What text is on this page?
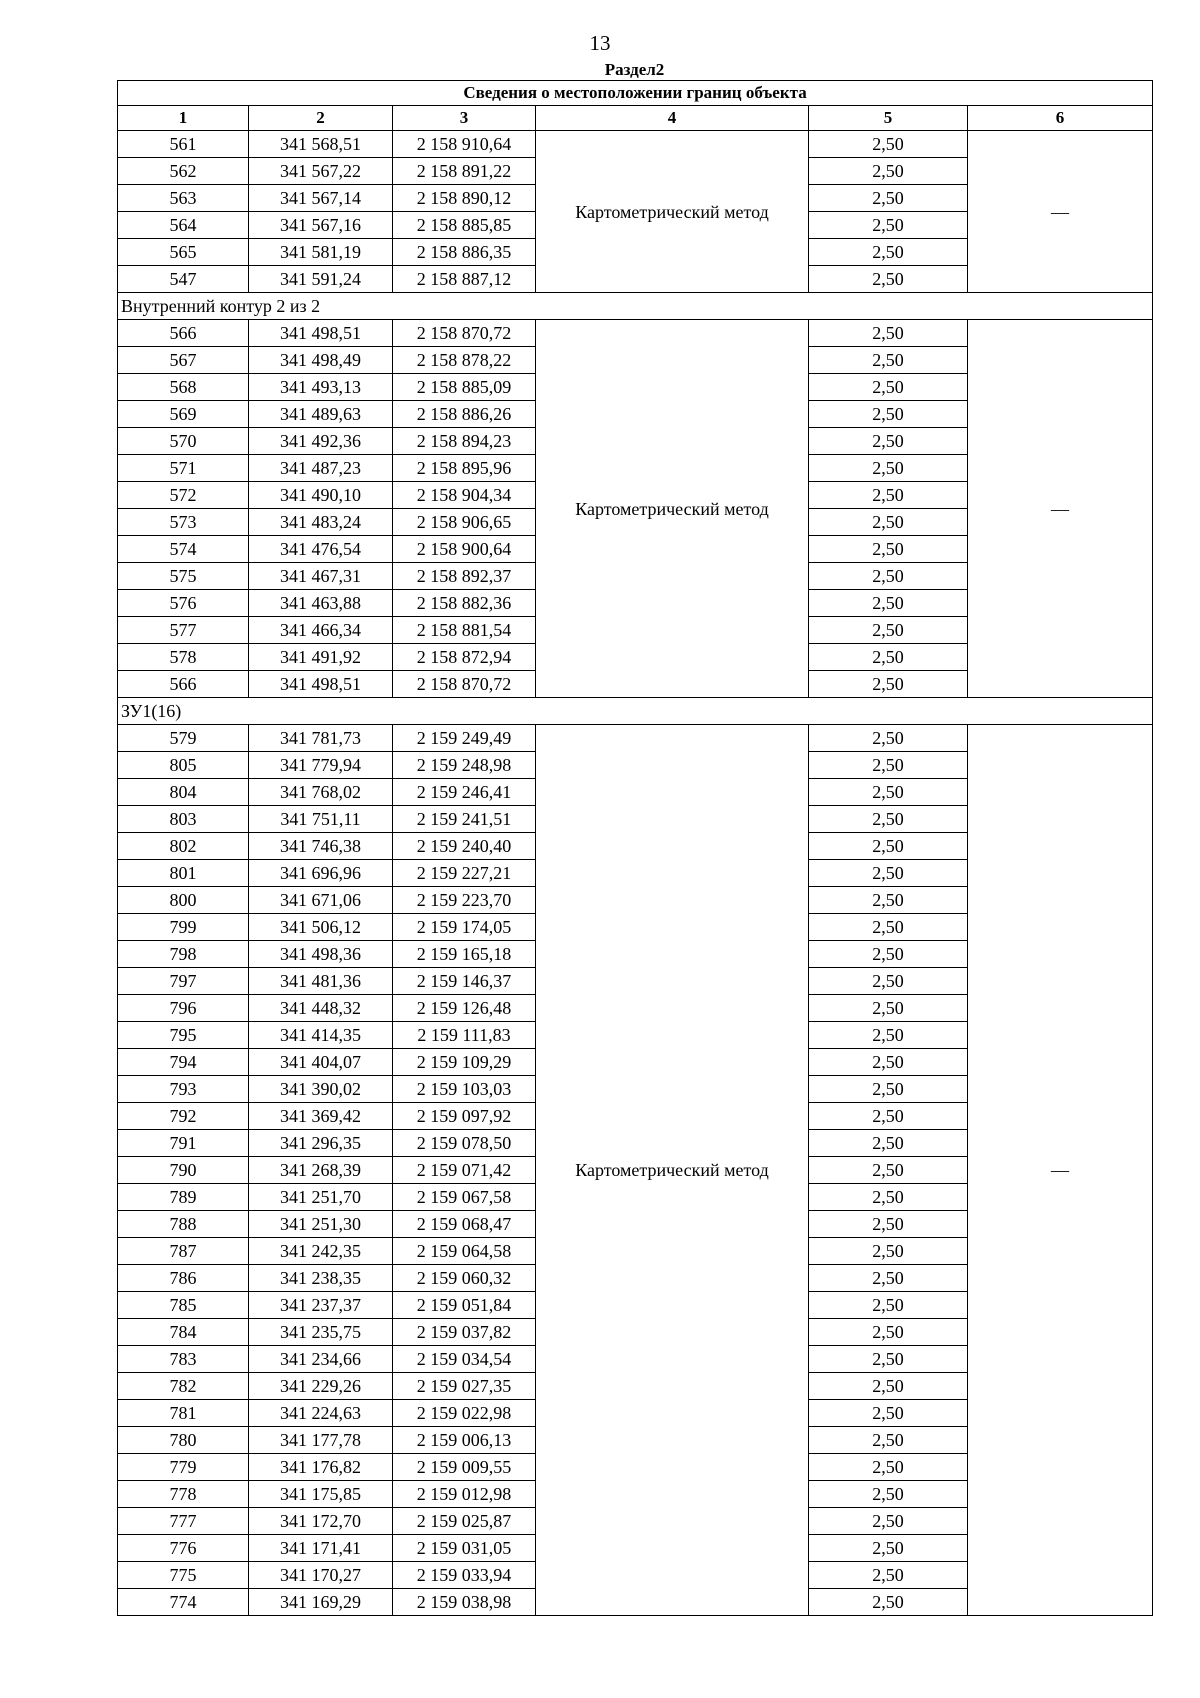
13
Раздел2
Сведения о местоположении границ объекта					
1	2	3	4	5	6
561	341 568,51	2 158 910,64	Картометрический метод	2,50	—
562	341 567,22	2 158 891,22		2,50	
563	341 567,14	2 158 890,12		2,50	
564	341 567,16	2 158 885,85		2,50	
565	341 581,19	2 158 886,35		2,50	
547	341 591,24	2 158 887,12		2,50	
Внутренний контур 2 из 2					
566	341 498,51	2 158 870,72	Картометрический метод	2,50	—
567	341 498,49	2 158 878,22		2,50	
568	341 493,13	2 158 885,09		2,50	
569	341 489,63	2 158 886,26		2,50	
570	341 492,36	2 158 894,23		2,50	
571	341 487,23	2 158 895,96		2,50	
572	341 490,10	2 158 904,34		2,50	
573	341 483,24	2 158 906,65		2,50	
574	341 476,54	2 158 900,64		2,50	
575	341 467,31	2 158 892,37		2,50	
576	341 463,88	2 158 882,36		2,50	
577	341 466,34	2 158 881,54		2,50	
578	341 491,92	2 158 872,94		2,50	
566	341 498,51	2 158 870,72		2,50	
ЗУ1(16)					
579	341 781,73	2 159 249,49	Картометрический метод	2,50	—
805	341 779,94	2 159 248,98		2,50	
804	341 768,02	2 159 246,41		2,50	
803	341 751,11	2 159 241,51		2,50	
802	341 746,38	2 159 240,40		2,50	
801	341 696,96	2 159 227,21		2,50	
800	341 671,06	2 159 223,70		2,50	
799	341 506,12	2 159 174,05		2,50	
798	341 498,36	2 159 165,18		2,50	
797	341 481,36	2 159 146,37		2,50	
796	341 448,32	2 159 126,48		2,50	
795	341 414,35	2 159 111,83		2,50	
794	341 404,07	2 159 109,29		2,50	
793	341 390,02	2 159 103,03		2,50	
792	341 369,42	2 159 097,92		2,50	
791	341 296,35	2 159 078,50		2,50	
790	341 268,39	2 159 071,42		2,50	
789	341 251,70	2 159 067,58		2,50	
788	341 251,30	2 159 068,47		2,50	
787	341 242,35	2 159 064,58		2,50	
786	341 238,35	2 159 060,32		2,50	
785	341 237,37	2 159 051,84		2,50	
784	341 235,75	2 159 037,82		2,50	
783	341 234,66	2 159 034,54		2,50	
782	341 229,26	2 159 027,35		2,50	
781	341 224,63	2 159 022,98		2,50	
780	341 177,78	2 159 006,13		2,50	
779	341 176,82	2 159 009,55		2,50	
778	341 175,85	2 159 012,98		2,50	
777	341 172,70	2 159 025,87		2,50	
776	341 171,41	2 159 031,05		2,50	
775	341 170,27	2 159 033,94		2,50	
774	341 169,29	2 159 038,98		2,50	
